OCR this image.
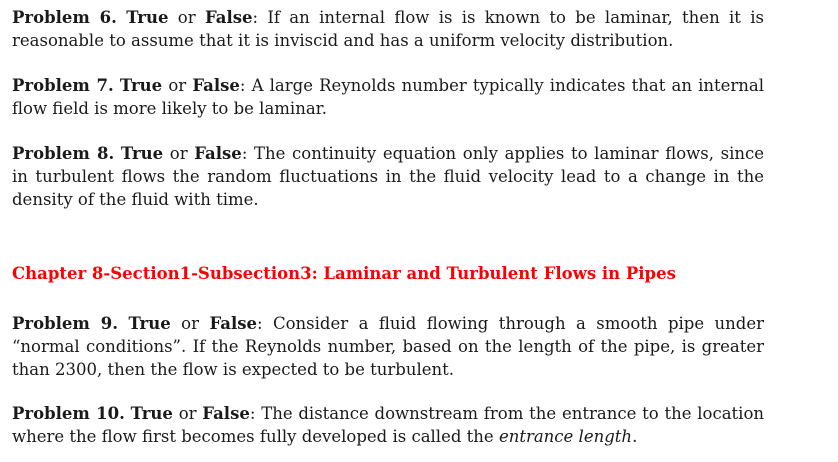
Problem 6. True or False: If an internal flow is is known to be laminar, then it is reasonable to assume that it is inviscid and has a uniform velocity distribution.

Problem 7. True or False: A large Reynolds number typically indicates that an internal flow field is more likely to be laminar.

Problem 8. True or False: The continuity equation only applies to laminar flows, since in turbulent flows the random fluctuations in the fluid velocity lead to a change in the density of the fluid with time.

Chapter 8-Section1-Subsection3: Laminar and Turbulent Flows in Pipes

Problem 9. True or False: Consider a fluid flowing through a smooth pipe under “normal conditions”. If the Reynolds number, based on the length of the pipe, is greater than 2300, then the flow is expected to be turbulent.

Problem 10. True or False: The distance downstream from the entrance to the location where the flow first becomes fully developed is called the entrance length.
